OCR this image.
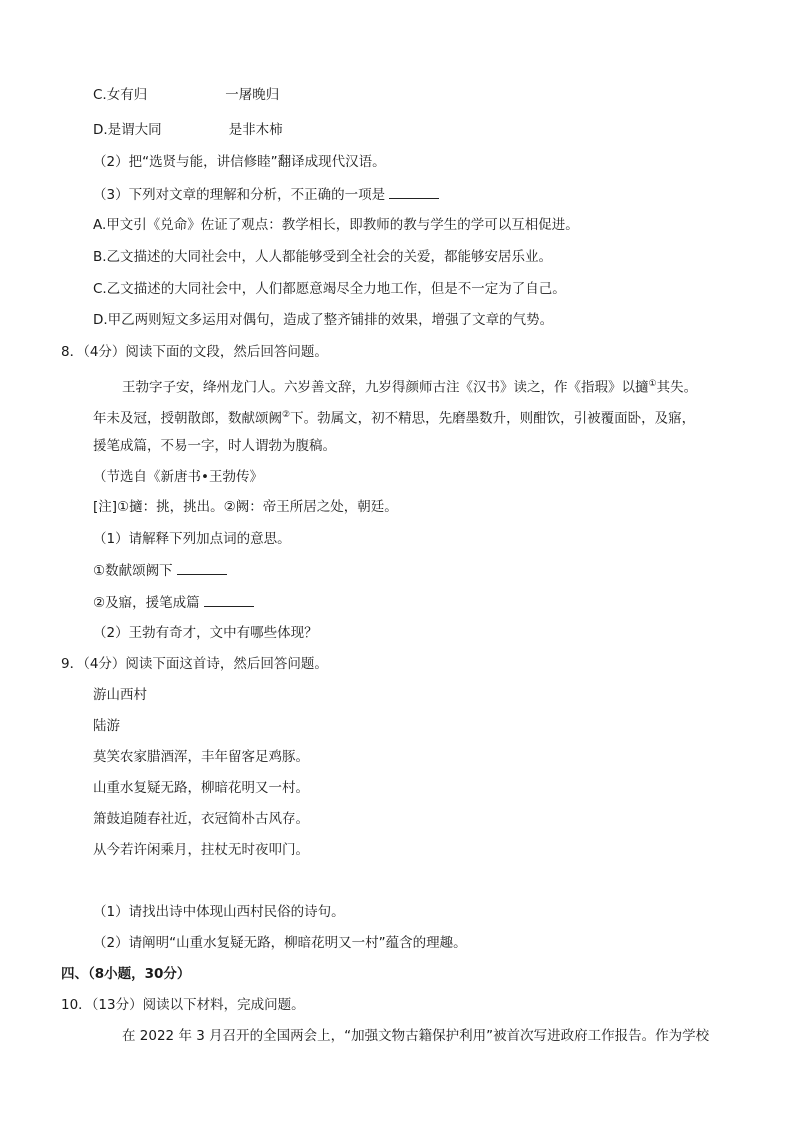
C.女有归	一屠晚归
D.是谓大同	是非木柿
（2）把“选贤与能，讲信修睦”翻译成现代汉语。
（3）下列对文章的理解和分析，不正确的一项是
A.甲文引《兑命》佐证了观点：教学相长，即教师的教与学生的学可以互相促进。
B.乙文描述的大同社会中，人人都能够受到全社会的关爱，都能够安居乐业。
C.乙文描述的大同社会中，人们都愿意竭尽全力地工作，但是不一定为了自己。
D.甲乙两则短文多运用对偶句，造成了整齐铺排的效果，增强了文章的气势。
8．（4分）阅读下面的文段，然后回答问题。
王勃字子安，绛州龙门人。六岁善文辞，九岁得颜师古注《汉书》读之，作《指瑕》以擿①其失。
年未及冠，授朝散郎，数献颂阙②下。勃属文，初不精思，先磨墨数升，则酣饮，引被覆面卧，及寤，
援笔成篇，不易一字，时人谓勃为腹稿。
（节选自《新唐书•王勃传》
[注]①擿：挑，挑出。②阙：帝王所居之处，朝廷。
（1）请解释下列加点词的意思。
①数献颂阙下
②及寤，援笔成篇
（2）王勃有奇才，文中有哪些体现？
9．（4分）阅读下面这首诗，然后回答问题。
游山西村
陆游
莫笑农家腊酒浑，丰年留客足鸡豚。
山重水复疑无路，柳暗花明又一村。
箫鼓追随春社近，衣冠简朴古风存。
从今若许闲乘月，拄杖无时夜叩门。
（1）请找出诗中体现山西村民俗的诗句。
（2）请阐明“山重水复疑无路，柳暗花明又一村”蕴含的理趣。
四、（8小题，30分）
10．（13分）阅读以下材料，完成问题。
在 2022 年 3 月召开的全国两会上，“加强文物古籍保护利用”被首次写进政府工作报告。作为学校
